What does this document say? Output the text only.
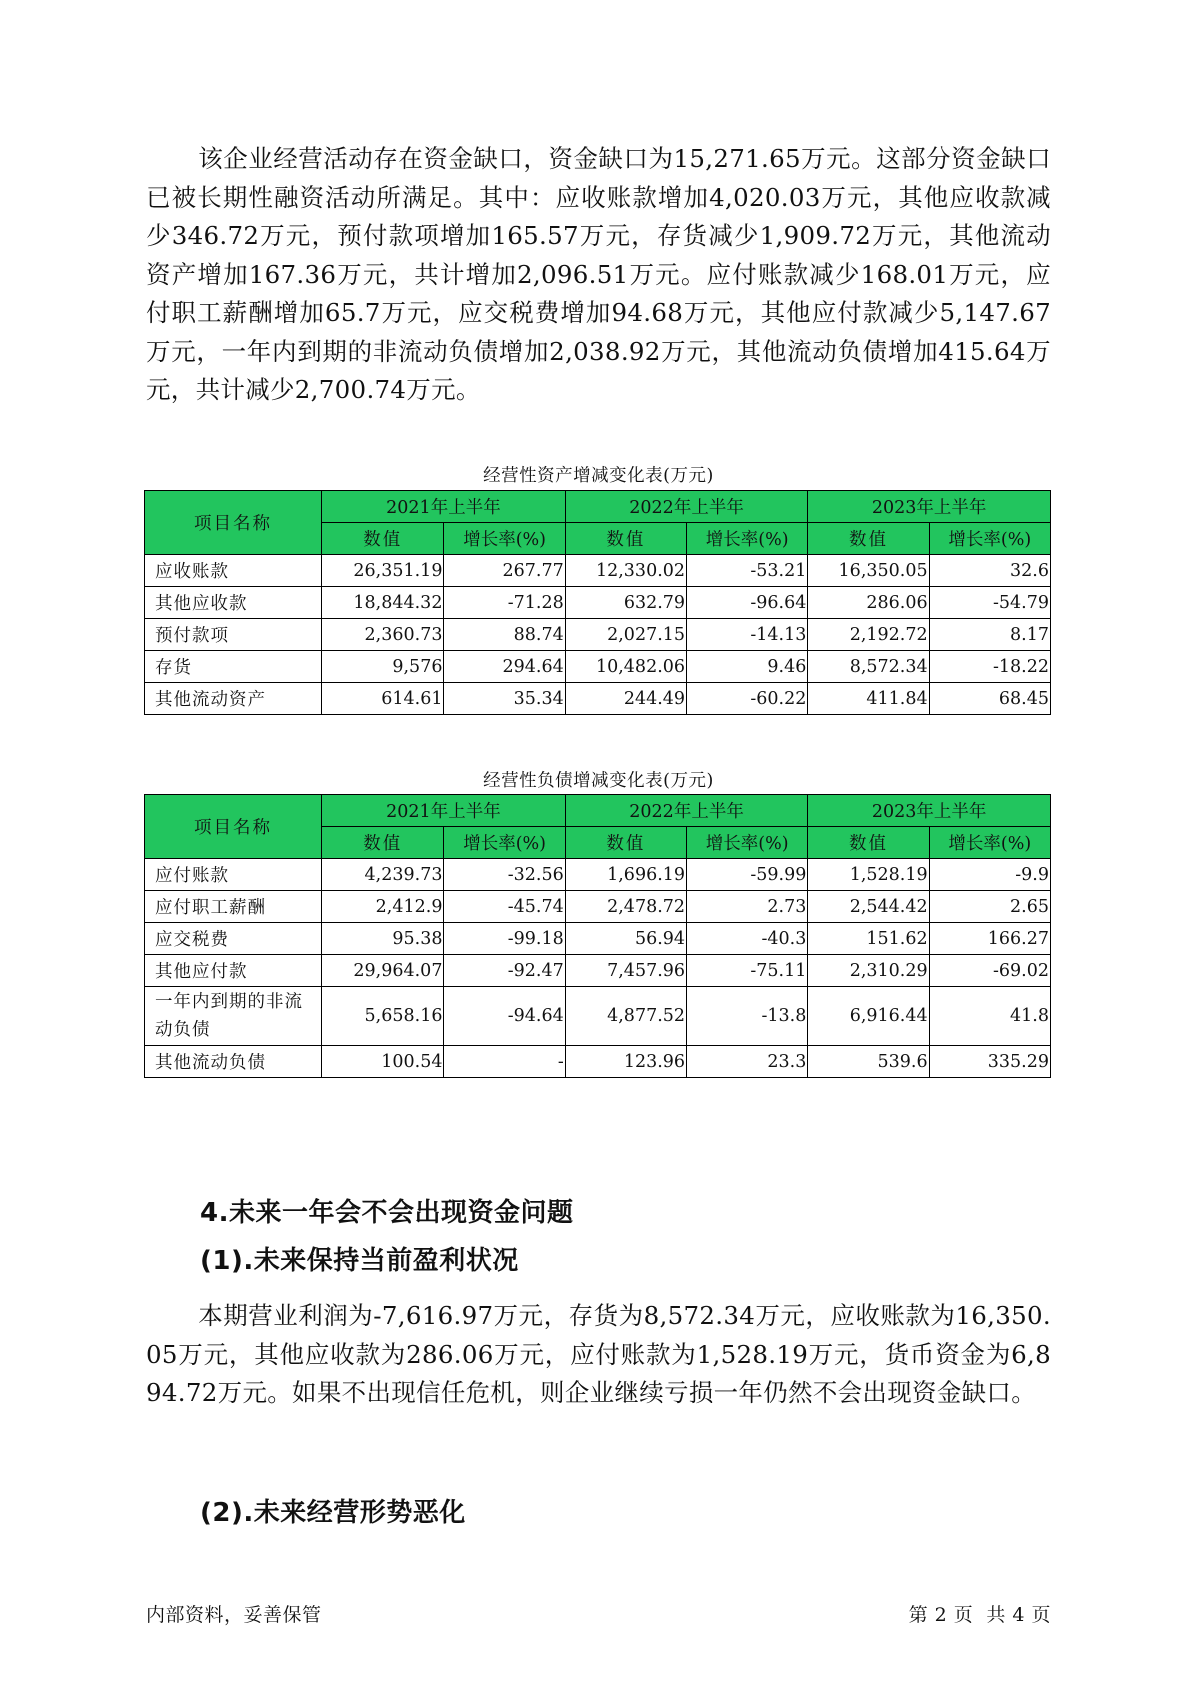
该企业经营活动存在资金缺口，资金缺口为15,271.65万元。这部分资金缺口已被长期性融资活动所满足。其中：应收账款增加4,020.03万元，其他应收款减少346.72万元，预付款项增加165.57万元，存货减少1,909.72万元，其他流动资产增加167.36万元，共计增加2,096.51万元。应付账款减少168.01万元，应付职工薪酬增加65.7万元，应交税费增加94.68万元，其他应付款减少5,147.67万元，一年内到期的非流动负债增加2,038.92万元，其他流动负债增加415.64万元，共计减少2,700.74万元。
经营性资产增减变化表(万元)
项目名称	2021年上半年		2022年上半年		2023年上半年	
	数值	增长率(%)	数值	增长率(%)	数值	增长率(%)
应收账款	26,351.19	267.77	12,330.02	-53.21	16,350.05	32.6
其他应收款	18,844.32	-71.28	632.79	-96.64	286.06	-54.79
预付款项	2,360.73	88.74	2,027.15	-14.13	2,192.72	8.17
存货	9,576	294.64	10,482.06	9.46	8,572.34	-18.22
其他流动资产	614.61	35.34	244.49	-60.22	411.84	68.45
经营性负债增减变化表(万元)
项目名称	2021年上半年		2022年上半年		2023年上半年	
	数值	增长率(%)	数值	增长率(%)	数值	增长率(%)
应付账款	4,239.73	-32.56	1,696.19	-59.99	1,528.19	-9.9
应付职工薪酬	2,412.9	-45.74	2,478.72	2.73	2,544.42	2.65
应交税费	95.38	-99.18	56.94	-40.3	151.62	166.27
其他应付款	29,964.07	-92.47	7,457.96	-75.11	2,310.29	-69.02
一年内到期的非流动负债	5,658.16	-94.64	4,877.52	-13.8	6,916.44	41.8
其他流动负债	100.54	-	123.96	23.3	539.6	335.29
4.未来一年会不会出现资金问题
(1).未来保持当前盈利状况
本期营业利润为-7,616.97万元，存货为8,572.34万元，应收账款为16,350.05万元，其他应收款为286.06万元，应付账款为1,528.19万元，货币资金为6,894.72万元。如果不出现信任危机，则企业继续亏损一年仍然不会出现资金缺口。
(2).未来经营形势恶化
内部资料，妥善保管	第 2 页  共 4 页
